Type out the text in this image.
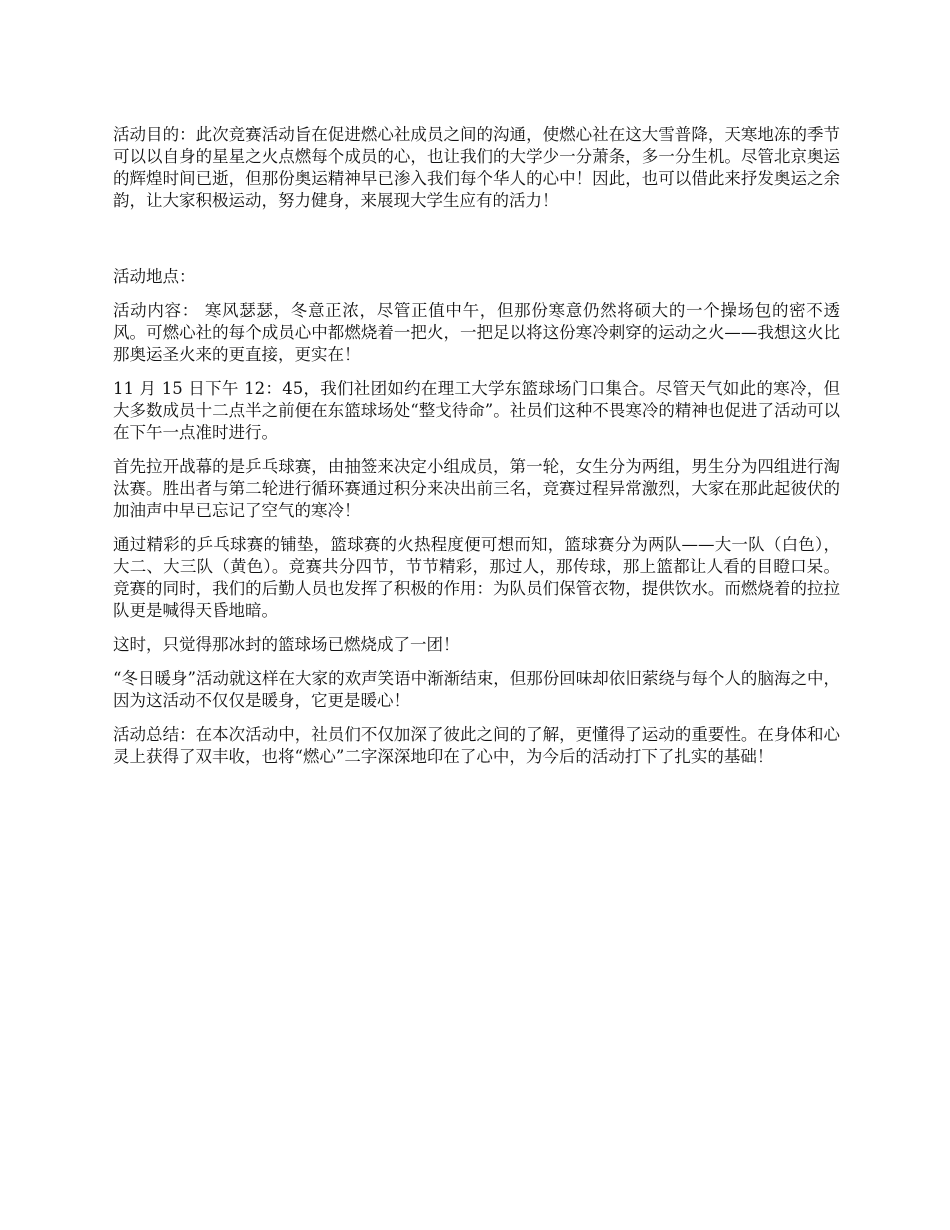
活动目的：此次竞赛活动旨在促进燃心社成员之间的沟通，使燃心社在这大雪普降，天寒地冻的季节可以以自身的星星之火点燃每个成员的心，也让我们的大学少一分萧条，多一分生机。尽管北京奥运的辉煌时间已逝，但那份奥运精神早已渗入我们每个华人的心中！因此，也可以借此来抒发奥运之余韵，让大家积极运动，努力健身，来展现大学生应有的活力！

活动地点：

活动内容： 寒风瑟瑟，冬意正浓，尽管正值中午，但那份寒意仍然将硕大的一个操场包的密不透风。可燃心社的每个成员心中都燃烧着一把火，一把足以将这份寒冷刺穿的运动之火——我想这火比那奥运圣火来的更直接，更实在！

11 月 15 日下午 12：45，我们社团如约在理工大学东篮球场门口集合。尽管天气如此的寒冷，但大多数成员十二点半之前便在东篮球场处“整戈待命”。社员们这种不畏寒冷的精神也促进了活动可以在下午一点准时进行。

首先拉开战幕的是乒乓球赛，由抽签来决定小组成员，第一轮，女生分为两组，男生分为四组进行淘汰赛。胜出者与第二轮进行循环赛通过积分来决出前三名，竞赛过程异常激烈，大家在那此起彼伏的加油声中早已忘记了空气的寒冷！

通过精彩的乒乓球赛的铺垫，篮球赛的火热程度便可想而知，篮球赛分为两队——大一队（白色），大二、大三队（黄色）。竞赛共分四节，节节精彩，那过人，那传球，那上篮都让人看的目瞪口呆。竞赛的同时，我们的后勤人员也发挥了积极的作用：为队员们保管衣物，提供饮水。而燃烧着的拉拉队更是喊得天昏地暗。

这时，只觉得那冰封的篮球场已燃烧成了一团！

“冬日暖身”活动就这样在大家的欢声笑语中渐渐结束，但那份回味却依旧萦绕与每个人的脑海之中，因为这活动不仅仅是暖身，它更是暖心！

活动总结：在本次活动中，社员们不仅加深了彼此之间的了解，更懂得了运动的重要性。在身体和心灵上获得了双丰收，也将“燃心”二字深深地印在了心中，为今后的活动打下了扎实的基础！
